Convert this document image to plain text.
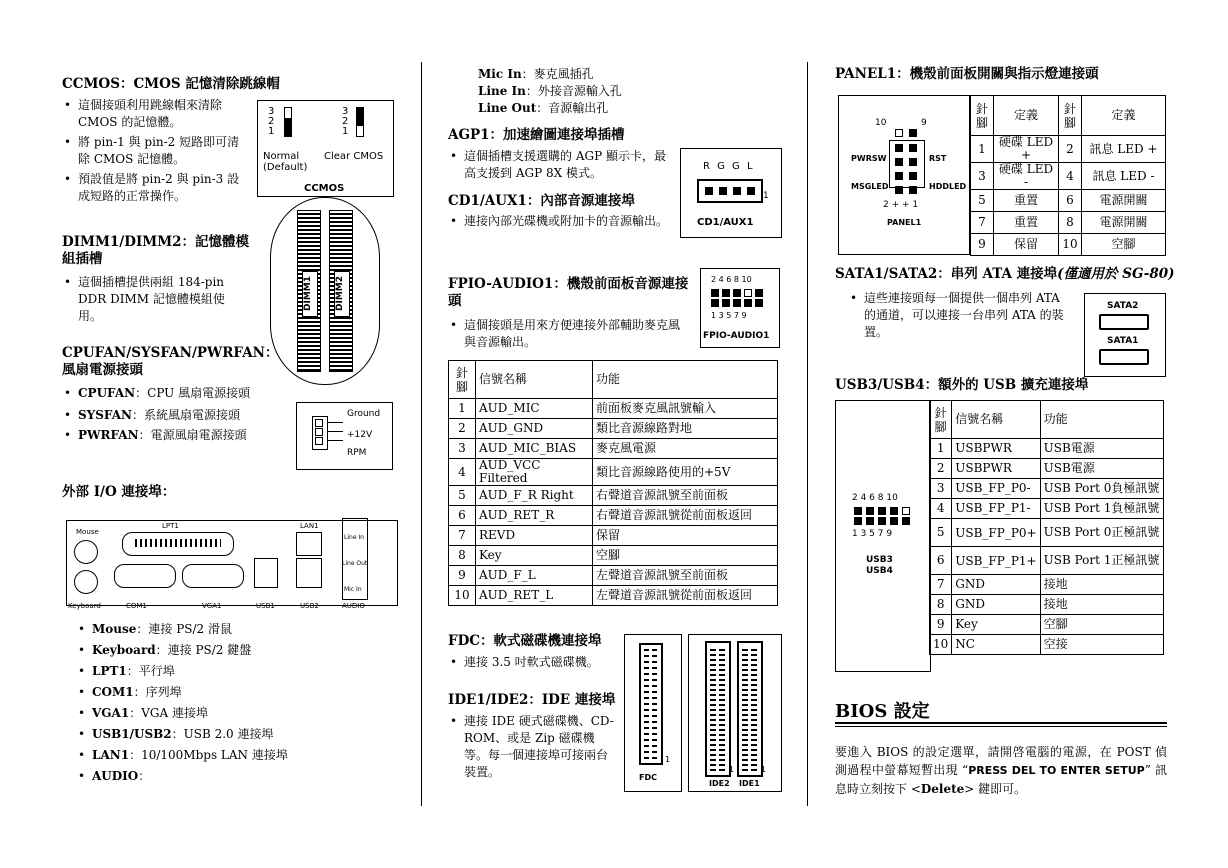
CCMOS：CMOS 記憶清除跳線帽
• 這個接頭利用跳線帽來清除 CMOS 的記憶體。
• 將 pin-1 與 pin-2 短路即可清除 CMOS 記憶體。
• 預設值是將 pin-2 與 pin-3 設成短路的正常操作。
3
2
1
3
2
1
Normal
(Default)
Clear CMOS
CCMOS
DIMM1/DIMM2：記憶體模組插槽
• 這個插槽提供兩組 184-pin DDR DIMM 記憶體模組使用。
DIMM1	DIMM2
CPUFAN/SYSFAN/PWRFAN：風扇電源接頭
• CPUFAN：CPU 風扇電源接頭
• SYSFAN：系統風扇電源接頭
• PWRFAN：電源風扇電源接頭
Ground
+12V
RPM
外部 I/O 連接埠：
Mouse
LPT1	LAN1
Line In
Line Out
Mic In
Keyboard	COM1	VGA1	USB1	USB2	AUDIO
• Mouse：連接 PS/2 滑鼠
• Keyboard：連接 PS/2 鍵盤
• LPT1：平行埠
• COM1：序列埠
• VGA1：VGA 連接埠
• USB1/USB2：USB 2.0 連接埠
• LAN1：10/100Mbps LAN 連接埠
• AUDIO：
Mic In：麥克風插孔
Line In：外接音源輸入孔
Line Out：音源輸出孔
AGP1：加速繪圖連接埠插槽
• 這個插槽支援選購的 AGP 顯示卡，最高支援到 AGP 8X 模式。
CD1/AUX1：內部音源連接埠
• 連接內部光碟機或附加卡的音源輸出。
R G G L
1
CD1/AUX1
FPIO-AUDIO1：機殼前面板音源連接頭
• 這個接頭是用來方便連接外部輔助麥克風與音源輸出。
2 4 6 8 10
1 3 5 7 9
FPIO-AUDIO1
針腳	信號名稱	功能
1	AUD_MIC	前面板麥克風訊號輸入
2	AUD_GND	類比音源線路對地
3	AUD_MIC_BIAS	麥克風電源
4	AUD_VCC Filtered	類比音源線路使用的+5V
5	AUD_F_R Right	右聲道音源訊號至前面板
6	AUD_RET_R	右聲道音源訊號從前面板返回
7	REVD	保留
8	Key	空腳
9	AUD_F_L	左聲道音源訊號至前面板
10	AUD_RET_L	左聲道音源訊號從前面板返回
FDC：軟式磁碟機連接埠
• 連接 3.5 吋軟式磁碟機。
IDE1/IDE2：IDE 連接埠
• 連接 IDE 硬式磁碟機、CD-ROM、或是 Zip 磁碟機等。每一個連接埠可接兩台裝置。
1
FDC
1	1
IDE2 IDE1
PANEL1：機殼前面板開關與指示燈連接頭
10	9
PWRSW	RST
MSGLED	HDDLED
2 + + 1
PANEL1
針腳	定義	針腳	定義
1	硬碟 LED +	2	訊息 LED +
3	硬碟 LED -	4	訊息 LED -
5	重置	6	電源開關
7	重置	8	電源開關
9	保留	10	空腳
SATA1/SATA2：串列 ATA 連接埠(僅適用於 SG-80)
• 這些連接頭每一個提供一個串列 ATA 的通道，可以連接一台串列 ATA 的裝置。
SATA2
SATA1
USB3/USB4：額外的 USB 擴充連接埠
2 4 6 8 10
1 3 5 7 9
USB3
USB4
針腳	信號名稱	功能
1	USBPWR	USB電源
2	USBPWR	USB電源
3	USB_FP_P0-	USB Port 0負極訊號
4	USB_FP_P1-	USB Port 1負極訊號
5	USB_FP_P0+	USB Port 0正極訊號
6	USB_FP_P1+	USB Port 1正極訊號
7	GND	接地
8	GND	接地
9	Key	空腳
10	NC	空接
BIOS 設定
要進入 BIOS 的設定選單，請開啓電腦的電源，在 POST 偵測過程中螢幕短暫出現 “PRESS DEL TO ENTER SETUP” 訊息時立刻按下 <Delete> 鍵即可。
